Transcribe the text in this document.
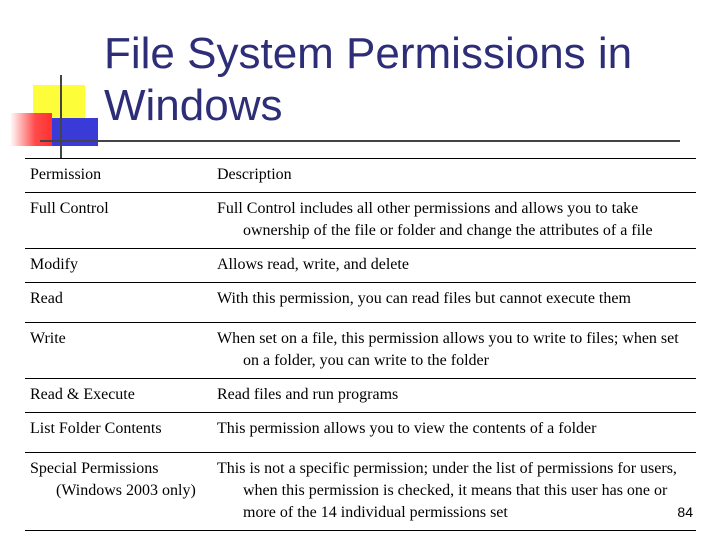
File System Permissions in
Windows
Permission	Description

Full Control	Full Control includes all other permissions and allows you to take ownership of the file or folder and change the attributes of a file

Modify	Allows read, write, and delete

Read	With this permission, you can read files but cannot execute them

Write	When set on a file, this permission allows you to write to files; when set on a folder, you can write to the folder

Read & Execute	Read files and run programs

List Folder Contents	This permission allows you to view the contents of a folder

Special Permissions (Windows 2003 only)	This is not a specific permission; under the list of permissions for users, when this permission is checked, it means that this user has one or more of the 14 individual permissions set	84
